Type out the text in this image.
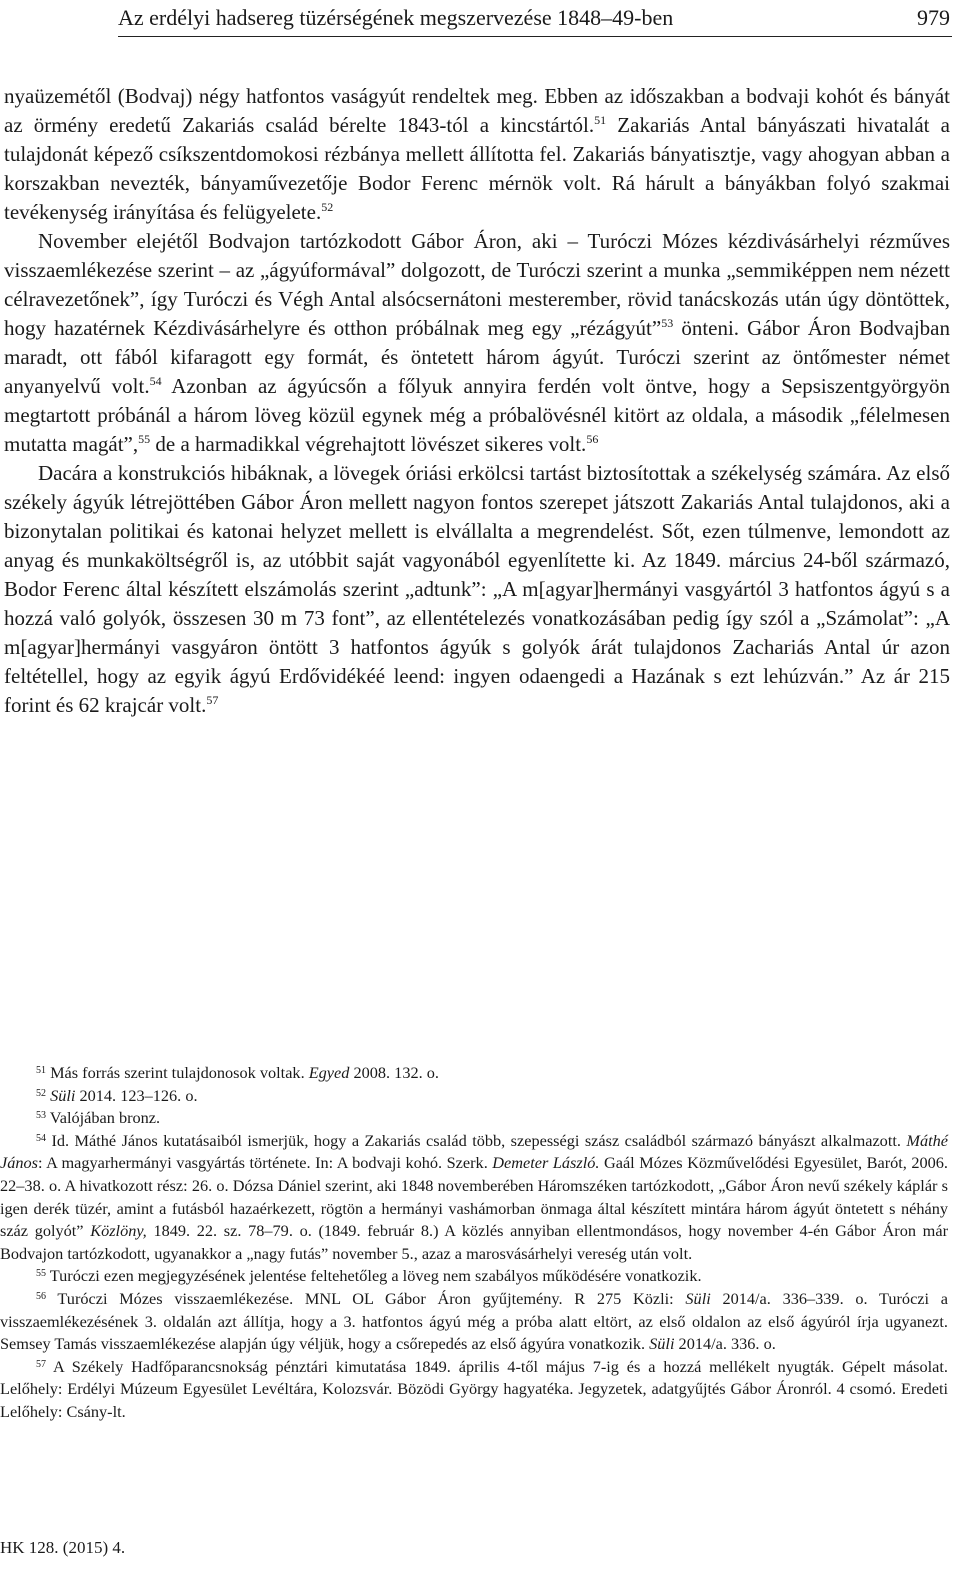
Az erdélyi hadsereg tüzérségének megszervezése 1848–49-ben	979

nyaüzemétől (Bodvaj) négy hatfontos vaságyút rendeltek meg. Ebben az időszakban a bodvaji kohót és bányát az örmény eredetű Zakariás család bérelte 1843-tól a kincstártól.$^{51}$ Zakariás Antal bányászati hivatalát a tulajdonát képező csíkszentdomokosi rézbánya mellett állította fel. Zakariás bányatisztje, vagy ahogyan abban a korszakban nevezték, bányaművezetője Bodor Ferenc mérnök volt. Rá hárult a bányákban folyó szakmai tevékenység irányítása és felügyelete.$^{52}$

November elejétől Bodvajon tartózkodott Gábor Áron, aki – Turóczi Mózes kézdivásárhelyi rézműves visszaemlékezése szerint – az „ágyúformával” dolgozott, de Turóczi szerint a munka „semmiképpen nem nézett célravezetőnek”, így Turóczi és Végh Antal alsócsernátoni mesterember, rövid tanácskozás után úgy döntöttek, hogy hazatérnek Kézdivásárhelyre és otthon próbálnak meg egy „rézágyút”$^{53}$ önteni. Gábor Áron Bodvajban maradt, ott fából kifaragott egy formát, és öntetett három ágyút. Turóczi szerint az öntőmester német anyanyelvű volt.$^{54}$ Azonban az ágyúcsőn a főlyuk annyira ferdén volt öntve, hogy a Sepsiszentgyörgyön megtartott próbánál a három löveg közül egynek még a próbalövésnél kitört az oldala, a második „félelmesen mutatta magát”,$^{55}$ de a harmadikkal végrehajtott lövészet sikeres volt.$^{56}$

Dacára a konstrukciós hibáknak, a lövegek óriási erkölcsi tartást biztosítottak a székelység számára. Az első székely ágyúk létrejöttében Gábor Áron mellett nagyon fontos szerepet játszott Zakariás Antal tulajdonos, aki a bizonytalan politikai és katonai helyzet mellett is elvállalta a megrendelést. Sőt, ezen túlmenve, lemondott az anyag és munkaköltségről is, az utóbbit saját vagyonából egyenlítette ki. Az 1849. március 24-ből származó, Bodor Ferenc által készített elszámolás szerint „adtunk”: „A m[agyar]hermányi vasgyártól 3 hatfontos ágyú s a hozzá való golyók, összesen 30 m 73 font”, az ellentételezés vonatkozásában pedig így szól a „Számolat”: „A m[agyar]hermányi vasgyáron öntött 3 hatfontos ágyúk s golyók árát tulajdonos Zachariás Antal úr azon feltétellel, hogy az egyik ágyú Erdővidékéé leend: ingyen odaengedi a Hazának s ezt lehúzván.” Az ár 215 forint és 62 krajcár volt.$^{57}$

$^{51}$ Más forrás szerint tulajdonosok voltak. Egyed 2008. 132. o.

$^{52}$ Süli 2014. 123–126. o.

$^{53}$ Valójában bronz.

$^{54}$ Id. Máthé János kutatásaiból ismerjük, hogy a Zakariás család több, szepességi szász családból származó bányászt alkalmazott. Máthé János: A magyarhermányi vasgyártás története. In: A bodvaji kohó. Szerk. Demeter László. Gaál Mózes Közművelődési Egyesület, Barót, 2006. 22–38. o. A hivatkozott rész: 26. o. Dózsa Dániel szerint, aki 1848 novemberében Háromszéken tartózkodott, „Gábor Áron nevű székely káplár s igen derék tüzér, amint a futásból hazaérkezett, rögtön a hermányi vashámorban önmaga által készített mintára három ágyút öntetett s néhány száz golyót” Közlöny, 1849. 22. sz. 78–79. o. (1849. február 8.) A közlés annyiban ellentmondásos, hogy november 4-én Gábor Áron már Bodvajon tartózkodott, ugyanakkor a „nagy futás” november 5., azaz a marosvásárhelyi vereség után volt.

$^{55}$ Turóczi ezen megjegyzésének jelentése feltehetőleg a löveg nem szabályos működésére vonatkozik.

$^{56}$ Turóczi Mózes visszaemlékezése. MNL OL Gábor Áron gyűjtemény. R 275 Közli: Süli 2014/a. 336–339. o. Turóczi a visszaemlékezésének 3. oldalán azt állítja, hogy a 3. hatfontos ágyú még a próba alatt eltört, az első oldalon az első ágyúról írja ugyanezt. Semsey Tamás visszaemlékezése alapján úgy véljük, hogy a csőrepedés az első ágyúra vonatkozik. Süli 2014/a. 336. o.

$^{57}$ A Székely Hadfőparancsnokság pénztári kimutatása 1849. április 4-től május 7-ig és a hozzá mellékelt nyugták. Gépelt másolat. Lelőhely: Erdélyi Múzeum Egyesület Levéltára, Kolozsvár. Bözödi György hagyatéka. Jegyzetek, adatgyűjtés Gábor Áronról. 4 csomó. Eredeti Lelőhely: Csány-lt.

HK 128. (2015) 4.
